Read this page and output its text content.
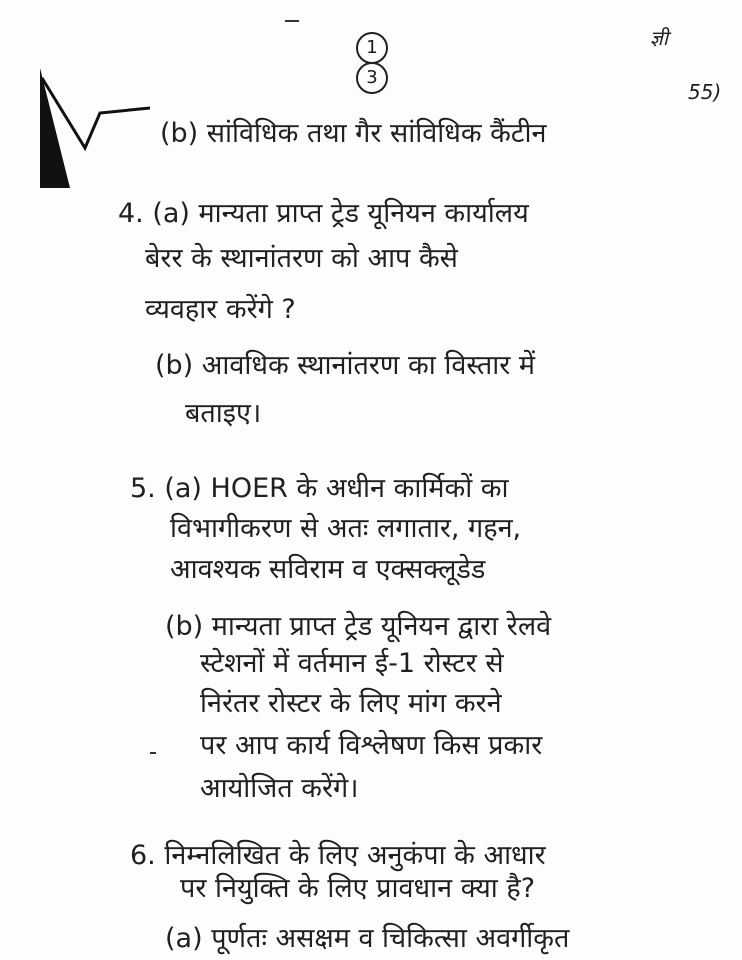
1
3
ज्ञी
55)
(b) सांविधिक तथा गैर सांविधिक कैंटीन
4. (a) मान्यता प्राप्त ट्रेड यूनियन कार्यालय
बेरर के स्थानांतरण को आप कैसे
व्यवहार करेंगे ?
(b) आवधिक स्थानांतरण का विस्तार में
बताइए।
5. (a) HOER के अधीन कार्मिकों का
विभागीकरण से अतः लगातार, गहन,
आवश्यक सविराम व एक्सक्लूडेड
(b) मान्यता प्राप्त ट्रेड यूनियन द्वारा रेलवे
स्टेशनों में वर्तमान ई-1 रोस्टर से
निरंतर रोस्टर के लिए मांग करने
पर आप कार्य विश्लेषण किस प्रकार
आयोजित करेंगे।
6. निम्नलिखित के लिए अनुकंपा के आधार
पर नियुक्ति के लिए प्रावधान क्या है?
(a) पूर्णतः असक्षम व चिकित्सा अवर्गीकृत
